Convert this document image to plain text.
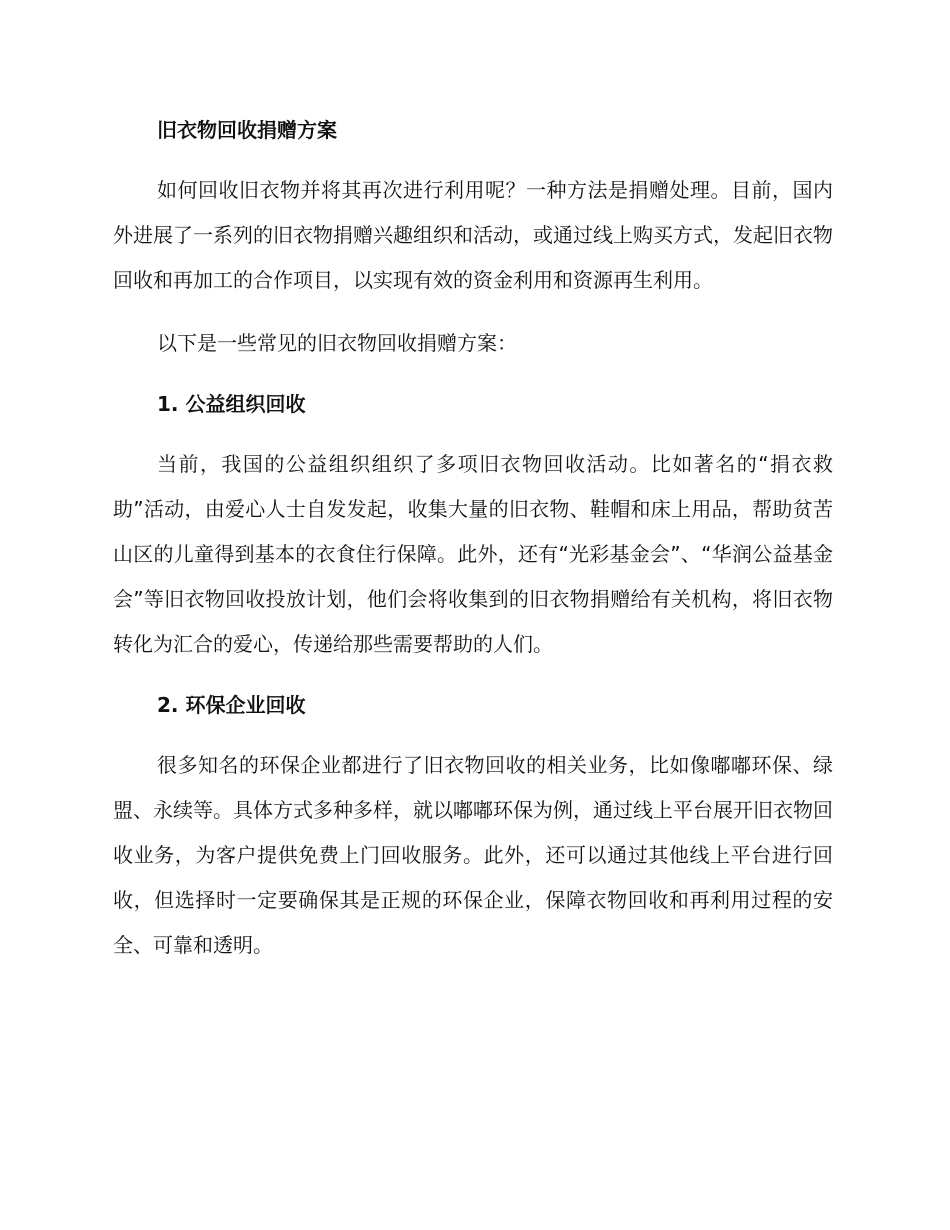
旧衣物回收捐赠方案

如何回收旧衣物并将其再次进行利用呢？一种方法是捐赠处理。目前，国内外进展了一系列的旧衣物捐赠兴趣组织和活动，或通过线上购买方式，发起旧衣物回收和再加工的合作项目，以实现有效的资金利用和资源再生利用。

以下是一些常见的旧衣物回收捐赠方案：

1. 公益组织回收

当前，我国的公益组织组织了多项旧衣物回收活动。比如著名的“捐衣救助”活动，由爱心人士自发发起，收集大量的旧衣物、鞋帽和床上用品，帮助贫苦山区的儿童得到基本的衣食住行保障。此外，还有“光彩基金会”、“华润公益基金会”等旧衣物回收投放计划，他们会将收集到的旧衣物捐赠给有关机构，将旧衣物转化为汇合的爱心，传递给那些需要帮助的人们。

2. 环保企业回收

很多知名的环保企业都进行了旧衣物回收的相关业务，比如像嘟嘟环保、绿盟、永续等。具体方式多种多样，就以嘟嘟环保为例，通过线上平台展开旧衣物回收业务，为客户提供免费上门回收服务。此外，还可以通过其他线上平台进行回收，但选择时一定要确保其是正规的环保企业，保障衣物回收和再利用过程的安全、可靠和透明。
